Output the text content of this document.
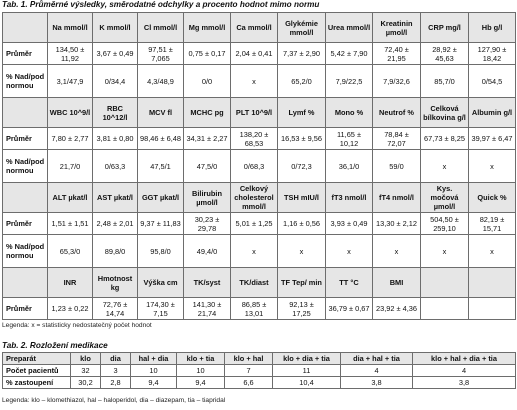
Tab. 1. Průměrné výsledky, směrodatné odchylky a procento hodnot mimo normu
	Na mmol/l	K mmol/l	Cl mmol/l	Mg mmol/l	Ca mmol/l	Glykémie mmol/l	Urea mmol/l	Kreatinin µmol/l	CRP mg/l	Hb g/l
Průměr	134,50 ± 11,92	3,67 ± 0,49	97,51 ± 7,065	0,75 ± 0,17	2,04 ± 0,41	7,37 ± 2,90	5,42 ± 7,90	72,40 ± 21,95	28,92 ± 45,63	127,90 ± 18,42
% Nad/pod normou	3,1/47,9	0/34,4	4,3/48,9	0/0	x	65,2/0	7,9/22,5	7,9/32,6	85,7/0	0/54,5
	WBC 10^9/l	RBC 10^12/l	MCV fl	MCHC pg	PLT 10^9/l	Lymf %	Mono %	Neutrof %	Celková bílkovina g/l	Albumin g/l
Průměr	7,80 ± 2,77	3,81 ± 0,80	98,46 ± 6,48	34,31 ± 2,27	138,20 ± 68,53	16,53 ± 9,56	11,65 ± 10,12	78,84 ± 72,07	67,73 ± 8,25	39,97 ± 6,47
% Nad/pod normou	21,7/0	0/63,3	47,5/1	47,5/0	0/68,3	0/72,3	36,1/0	59/0	x	x
	ALT µkat/l	AST µkat/l	GGT µkat/l	Bilirubin µmol/l	Celkový cholesterol mmol/l	TSH mIU/l	fT3 nmol/l	fT4 nmol/l	Kys. močová µmol/l	Quick %
Průměr	1,51 ± 1,51	2,48 ± 2,01	9,37 ± 11,83	30,23 ± 29,78	5,01 ± 1,25	1,16 ± 0,56	3,93 ± 0,49	13,30 ± 2,12	504,50 ± 259,10	82,19 ± 15,71
% Nad/pod normou	65,3/0	89,8/0	95,8/0	49,4/0	x	x	x	x	x	x
	INR	Hmotnost kg	Výška cm	TK/syst	TK/diast	TF Tep/ min	TT °C	BMI		
Průměr	1,23 ± 0,22	72,76 ± 14,74	174,30 ± 7,15	141,30 ± 21,74	86,85 ± 13,01	92,13 ± 17,25	36,79 ± 0,67	23,92 ± 4,36		
Legenda: x = statisticky nedostatečný počet hodnot
Tab. 2. Rozložení medikace
Preparát	klo	dia	hal + dia	klo + tia	klo + hal	klo + dia + tia	dia + hal + tia	klo + hal + dia + tia
Počet pacientů	32	3	10	10	7	11	4	4
% zastoupení	30,2	2,8	9,4	9,4	6,6	10,4	3,8	3,8
Legenda: klo – klomethiazol, hal – haloperidol, dia – diazepam, tia – tiapridal
